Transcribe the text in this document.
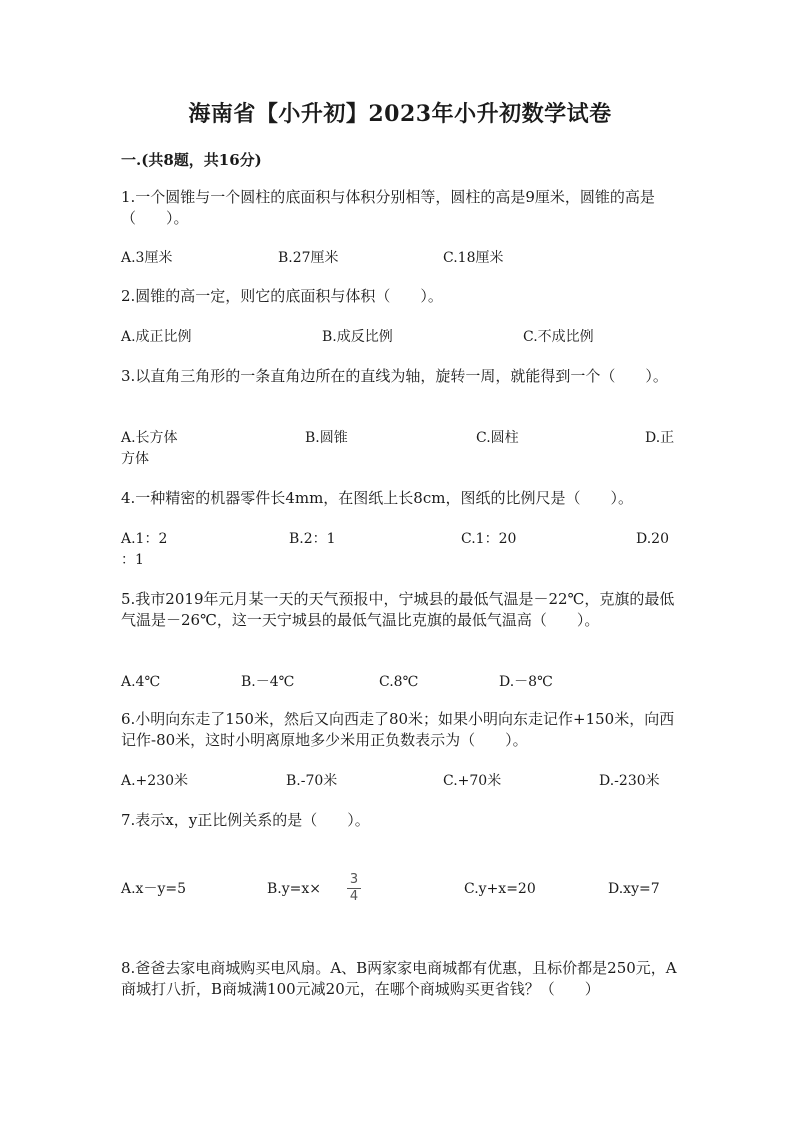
海南省【小升初】2023年小升初数学试卷
一.(共8题，共16分)
1.一个圆锥与一个圆柱的底面积与体积分别相等，圆柱的高是9厘米，圆锥的高是（　　）。
A.3厘米	B.27厘米	C.18厘米
2.圆锥的高一定，则它的底面积与体积（　　）。
A.成正比例	B.成反比例	C.不成比例
3.以直角三角形的一条直角边所在的直线为轴，旋转一周，就能得到一个（　　）。
A.长方体	B.圆锥	C.圆柱	D.正
方体
4.一种精密的机器零件长4mm，在图纸上长8cm，图纸的比例尺是（　　）。
A.1：2	B.2：1	C.1：20	D.20
：1
5.我市2019年元月某一天的天气预报中，宁城县的最低气温是－22℃，克旗的最低气温是－26℃，这一天宁城县的最低气温比克旗的最低气温高（　　）。
A.4℃	B.－4℃	C.8℃	D.－8℃
6.小明向东走了150米，然后又向西走了80米；如果小明向东走记作+150米，向西记作-80米，这时小明离原地多少米用正负数表示为（　　）。
A.+230米	B.-70米	C.+70米	D.-230米
7.表示x，y正比例关系的是（　　）。
A.x－y=5	B.y=x×
3
4	C.y+x=20	D.xy=7
8.爸爸去家电商城购买电风扇。A、B两家家电商城都有优惠，且标价都是250元，A商城打八折，B商城满100元减20元，在哪个商城购买更省钱？（　　）
